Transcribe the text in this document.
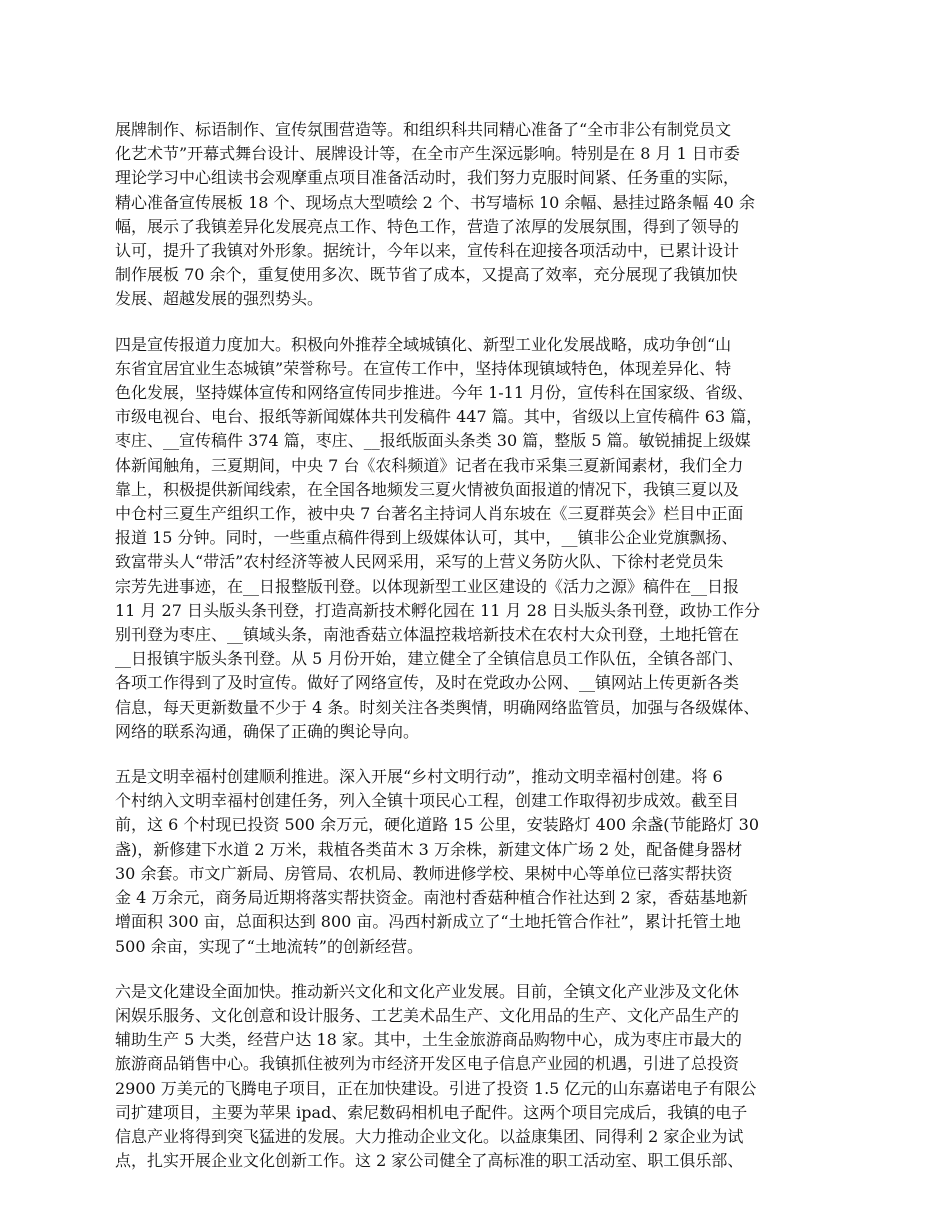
展牌制作、标语制作、宣传氛围营造等。和组织科共同精心准备了“全市非公有制党员文
化艺术节”开幕式舞台设计、展牌设计等，在全市产生深远影响。特别是在 8 月 1 日市委
理论学习中心组读书会观摩重点项目准备活动时，我们努力克服时间紧、任务重的实际，
精心准备宣传展板 18 个、现场点大型喷绘 2 个、书写墙标 10 余幅、悬挂过路条幅 40 余
幅，展示了我镇差异化发展亮点工作、特色工作，营造了浓厚的发展氛围，得到了领导的
认可，提升了我镇对外形象。据统计，今年以来，宣传科在迎接各项活动中，已累计设计
制作展板 70 余个，重复使用多次、既节省了成本，又提高了效率，充分展现了我镇加快
发展、超越发展的强烈势头。

四是宣传报道力度加大。积极向外推荐全域城镇化、新型工业化发展战略，成功争创“山
东省宜居宜业生态城镇”荣誉称号。在宣传工作中，坚持体现镇域特色，体现差异化、特
色化发展，坚持媒体宣传和网络宣传同步推进。今年 1-11 月份，宣传科在国家级、省级、
市级电视台、电台、报纸等新闻媒体共刊发稿件 447 篇。其中，省级以上宣传稿件 63 篇，
枣庄、__宣传稿件 374 篇，枣庄、__报纸版面头条类 30 篇，整版 5 篇。敏锐捕捉上级媒
体新闻触角，三夏期间，中央 7 台《农科频道》记者在我市采集三夏新闻素材，我们全力
靠上，积极提供新闻线索，在全国各地频发三夏火情被负面报道的情况下，我镇三夏以及
中仓村三夏生产组织工作，被中央 7 台著名主持词人肖东坡在《三夏群英会》栏目中正面
报道 15 分钟。同时，一些重点稿件得到上级媒体认可，其中，__镇非公企业党旗飘扬、
致富带头人“带活”农村经济等被人民网采用，采写的上营义务防火队、下徐村老党员朱
宗芳先进事迹，在__日报整版刊登。以体现新型工业区建设的《活力之源》稿件在__日报
11 月 27 日头版头条刊登，打造高新技术孵化园在 11 月 28 日头版头条刊登，政协工作分
别刊登为枣庄、__镇域头条，南池香菇立体温控栽培新技术在农村大众刊登，土地托管在
__日报镇宇版头条刊登。从 5 月份开始，建立健全了全镇信息员工作队伍，全镇各部门、
各项工作得到了及时宣传。做好了网络宣传，及时在党政办公网、__镇网站上传更新各类
信息，每天更新数量不少于 4 条。时刻关注各类舆情，明确网络监管员，加强与各级媒体、
网络的联系沟通，确保了正确的舆论导向。

五是文明幸福村创建顺利推进。深入开展“乡村文明行动”，推动文明幸福村创建。将 6
个村纳入文明幸福村创建任务，列入全镇十项民心工程，创建工作取得初步成效。截至目
前，这 6 个村现已投资 500 余万元，硬化道路 15 公里，安装路灯 400 余盏(节能路灯 30
盏)，新修建下水道 2 万米，栽植各类苗木 3 万余株，新建文体广场 2 处，配备健身器材
30 余套。市文广新局、房管局、农机局、教师进修学校、果树中心等单位已落实帮扶资
金 4 万余元，商务局近期将落实帮扶资金。南池村香菇种植合作社达到 2 家，香菇基地新
增面积 300 亩，总面积达到 800 亩。冯西村新成立了“土地托管合作社”，累计托管土地
500 余亩，实现了“土地流转”的创新经营。

六是文化建设全面加快。推动新兴文化和文化产业发展。目前，全镇文化产业涉及文化休
闲娱乐服务、文化创意和设计服务、工艺美术品生产、文化用品的生产、文化产品生产的
辅助生产 5 大类，经营户达 18 家。其中，土生金旅游商品购物中心，成为枣庄市最大的
旅游商品销售中心。我镇抓住被列为市经济开发区电子信息产业园的机遇，引进了总投资
2900 万美元的飞腾电子项目，正在加快建设。引进了投资 1.5 亿元的山东嘉诺电子有限公
司扩建项目，主要为苹果 ipad、索尼数码相机电子配件。这两个项目完成后，我镇的电子
信息产业将得到突飞猛进的发展。大力推动企业文化。以益康集团、同得利 2 家企业为试
点，扎实开展企业文化创新工作。这 2 家公司健全了高标准的职工活动室、职工俱乐部、
